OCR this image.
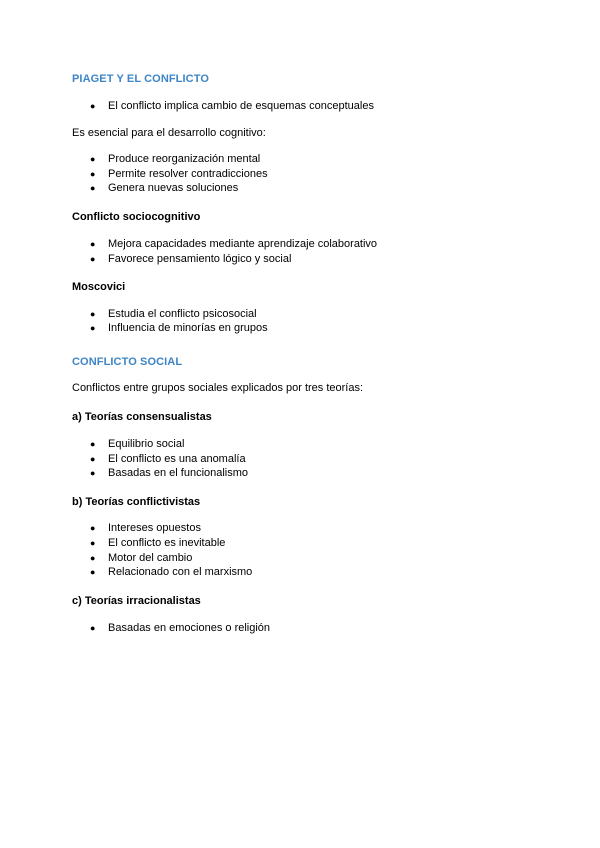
PIAGET Y EL CONFLICTO
●	El conflicto implica cambio de esquemas conceptuales
Es esencial para el desarrollo cognitivo:
●	Produce reorganización mental
●	Permite resolver contradicciones
●	Genera nuevas soluciones
Conflicto sociocognitivo
●	Mejora capacidades mediante aprendizaje colaborativo
●	Favorece pensamiento lógico y social
Moscovici
●	Estudia el conflicto psicosocial
●	Influencia de minorías en grupos
CONFLICTO SOCIAL
Conflictos entre grupos sociales explicados por tres teorías:
a) Teorías consensualistas
●	Equilibrio social
●	El conflicto es una anomalía
●	Basadas en el funcionalismo
b) Teorías conflictivistas
●	Intereses opuestos
●	El conflicto es inevitable
●	Motor del cambio
●	Relacionado con el marxismo
c) Teorías irracionalistas
●	Basadas en emociones o religión
